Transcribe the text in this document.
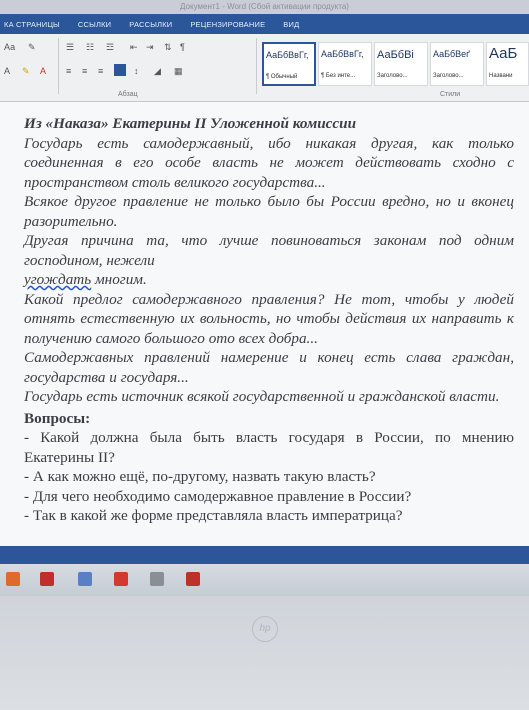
Документ1 - Word (Сбой активации продукта)
КА СТРАНИЦЫ ССЫЛКИ РАССЫЛКИ РЕЦЕНЗИРОВАНИЕ ВИД
Аа ✎
A ✎ A
☰ ☷ ☲ ⇤ ⇥ ⇅ ¶
≡ ≡ ≡	↕ ◢ ▦
Абзац
АаБбВвГг,
¶ Обычный
АаБбВвГг,
¶ Без инте...
АаБбВі
Заголово...
АаБбВеґ
Заголово...
АаБ
Названи
Стили

Из «Наказа» Екатерины II Уложенной комиссии

Государь есть самодержавный, ибо никакая другая, как только соединенная в его особе власть не может действовать сходно с пространством столь великого государства...

Всякое другое правление не только было бы России вредно, но и вконец разорительно.

Другая причина та, что лучше повиноваться законам под одним господином, нежели

угождать многим.

Какой предлог самодержавного правления? Не тот, чтобы у людей отнять естественную их вольность, но чтобы действия их направить к получению самого большого ото всех добра...

Самодержавных правлений намерение и конец есть слава граждан, государства и государя...

Государь есть источник всякой государственной и гражданской власти.

Вопросы:

- Какой должна была быть власть государя в России, по мнению Екатерины II?

- А как можно ещё, по-другому, назвать такую власть?

- Для чего необходимо самодержавное правление в России?

- Так в какой же форме представляла власть императрица?

hp
